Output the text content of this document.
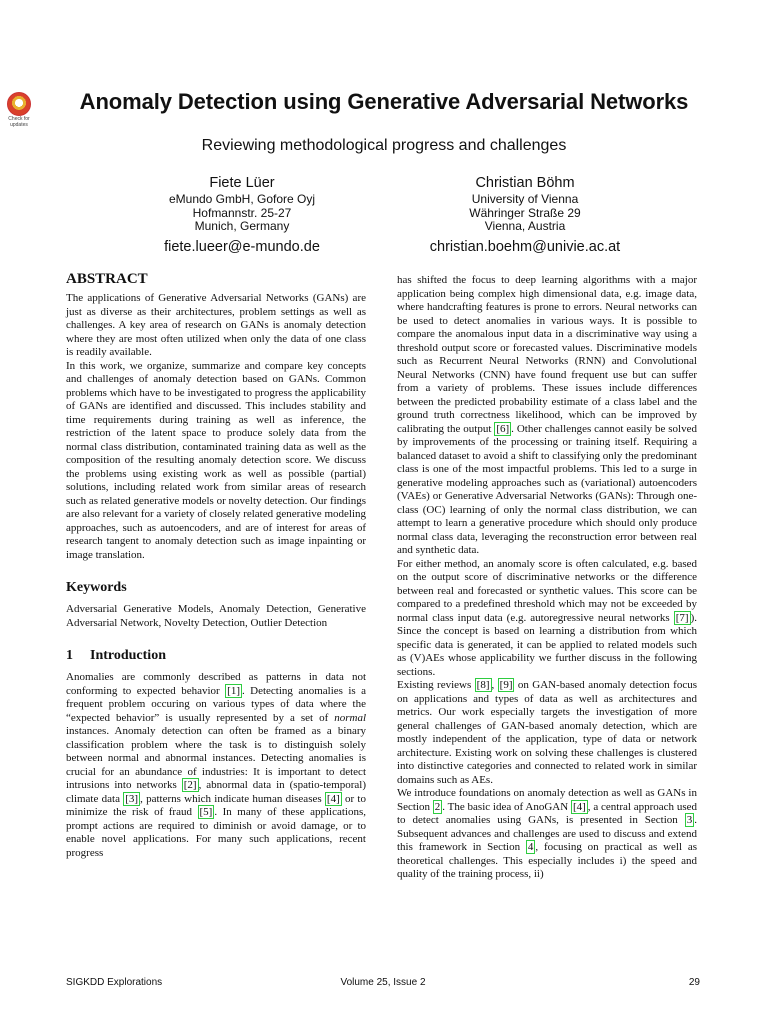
Check for
updates
Anomaly Detection using Generative Adversarial Networks
Reviewing methodological progress and challenges
Fiete Lüer
eMundo GmbH, Gofore Oyj
Hofmannstr. 25-27
Munich, Germany
fiete.lueer@e-mundo.de
Christian Böhm
University of Vienna
Währinger Straße 29
Vienna, Austria
christian.boehm@univie.ac.at
ABSTRACT

The applications of Generative Adversarial Networks (GANs) are just as diverse as their architectures, problem settings as well as challenges. A key area of research on GANs is anomaly detection where they are most often utilized when only the data of one class is readily available.

In this work, we organize, summarize and compare key concepts and challenges of anomaly detection based on GANs. Common problems which have to be investigated to progress the applicability of GANs are identified and discussed. This includes stability and time requirements during training as well as inference, the restriction of the latent space to produce solely data from the normal class distribution, contaminated training data as well as the composition of the resulting anomaly detection score. We discuss the problems using existing work as well as possible (partial) solutions, including related work from similar areas of research such as related generative models or novelty detection. Our findings are also relevant for a variety of closely related generative modeling approaches, such as autoencoders, and are of interest for areas of research tangent to anomaly detection such as image inpainting or image translation.

Keywords

Adversarial Generative Models, Anomaly Detection, Generative Adversarial Network, Novelty Detection, Outlier Detection

1 Introduction

Anomalies are commonly described as patterns in data not conforming to expected behavior [1] . Detecting anomalies is a frequent problem occuring on various types of data where the “expected behavior” is usually represented by a set of normal instances. Anomaly detection can often be framed as a binary classification problem where the task is to distinguish solely between normal and abnormal instances. Detecting anomalies is crucial for an abundance of industries: It is important to detect intrusions into networks [2] , abnormal data in (spatio-temporal) climate data [3] , patterns which indicate human diseases [4] or to minimize the risk of fraud [5] . In many of these applications, prompt actions are required to diminish or avoid damage, or to enable novel applications. For many such applications, recent progress

has shifted the focus to deep learning algorithms with a major application being complex high dimensional data, e.g. image data, where handcrafting features is prone to errors. Neural networks can be used to detect anomalies in various ways. It is possible to compare the anomalous input data in a discriminative way using a threshold output score or forecasted values. Discriminative models such as Recurrent Neural Networks (RNN) and Convolutional Neural Networks (CNN) have found frequent use but can suffer from a variety of problems. These issues include differences between the predicted probability estimate of a class label and the ground truth correctness likelihood, which can be improved by calibrating the output [6] . Other challenges cannot easily be solved by improvements of the processing or training itself. Requiring a balanced dataset to avoid a shift to classifying only the predominant class is one of the most impactful problems. This led to a surge in generative modeling approaches such as (variational) autoencoders (VAEs) or Generative Adversarial Networks (GANs): Through one-class (OC) learning of only the normal class distribution, we can attempt to learn a generative procedure which should only produce normal class data, leveraging the reconstruction error between real and synthetic data.

For either method, an anomaly score is often calculated, e.g. based on the output score of discriminative networks or the difference between real and forecasted or synthetic values. This score can be compared to a predefined threshold which may not be exceeded by normal class input data (e.g. autoregressive neural networks [7] ). Since the concept is based on learning a distribution from which specific data is generated, it can be applied to related models such as (V)AEs whose applicability we further discuss in the following sections.

Existing reviews [8] , [9] on GAN-based anomaly detection focus on applications and types of data as well as architectures and metrics. Our work especially targets the investigation of more general challenges of GAN-based anomaly detection, which are mostly independent of the application, type of data or network architecture. Existing work on solving these challenges is clustered into distinctive categories and connected to related work in similar domains such as AEs.

We introduce foundations on anomaly detection as well as GANs in Section 2 . The basic idea of AnoGAN [4] , a central approach used to detect anomalies using GANs, is presented in Section 3 . Subsequent advances and challenges are used to discuss and extend this framework in Section 4 , focusing on practical as well as theoretical challenges. This especially includes i) the speed and quality of the training process, ii)

SIGKDD Explorations	Volume 25, Issue 2	29
